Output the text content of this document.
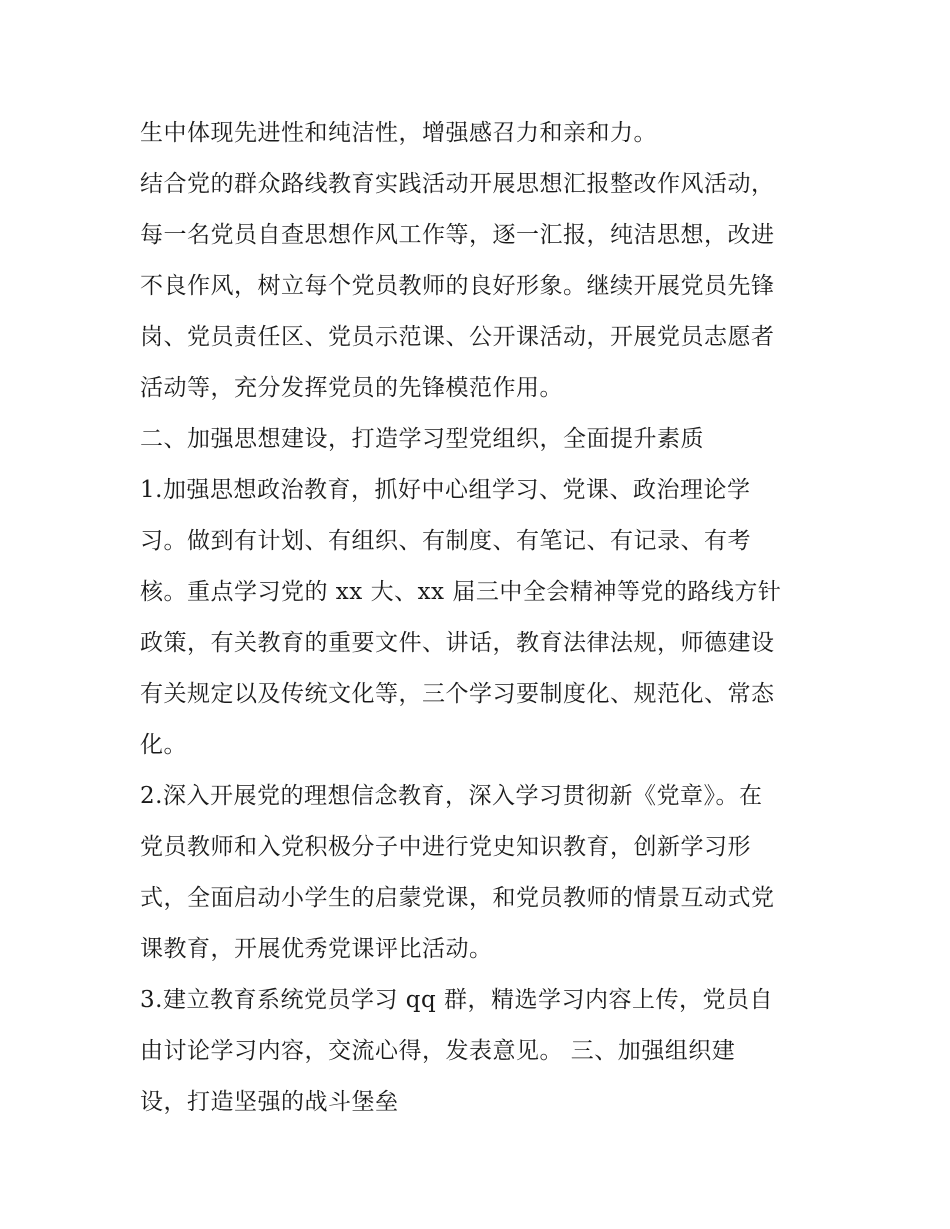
生中体现先进性和纯洁性，增强感召力和亲和力。
结合党的群众路线教育实践活动开展思想汇报整改作风活动，
每一名党员自查思想作风工作等，逐一汇报，纯洁思想，改进
不良作风，树立每个党员教师的良好形象。继续开展党员先锋
岗、党员责任区、党员示范课、公开课活动，开展党员志愿者
活动等，充分发挥党员的先锋模范作用。
二、加强思想建设，打造学习型党组织，全面提升素质
1.加强思想政治教育，抓好中心组学习、党课、政治理论学
习。做到有计划、有组织、有制度、有笔记、有记录、有考
核。重点学习党的 xx 大、xx 届三中全会精神等党的路线方针
政策，有关教育的重要文件、讲话，教育法律法规，师德建设
有关规定以及传统文化等，三个学习要制度化、规范化、常态
化。
2.深入开展党的理想信念教育，深入学习贯彻新《党章》。在
党员教师和入党积极分子中进行党史知识教育，创新学习形
式，全面启动小学生的启蒙党课，和党员教师的情景互动式党
课教育，开展优秀党课评比活动。
3.建立教育系统党员学习 qq 群，精选学习内容上传，党员自
由讨论学习内容，交流心得，发表意见。 三、加强组织建
设，打造坚强的战斗堡垒
